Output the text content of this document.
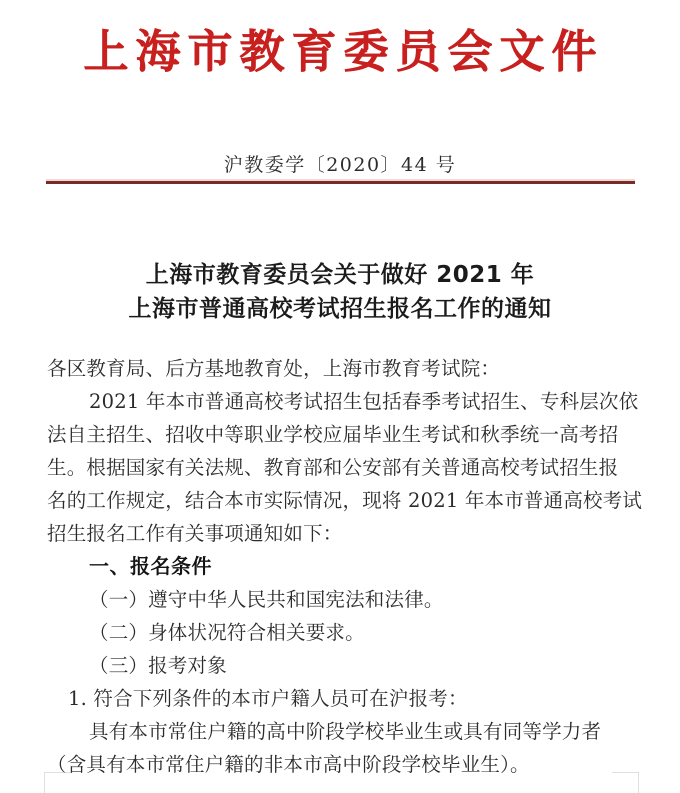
上海市教育委员会文件
沪教委学〔2020〕44 号
上海市教育委员会关于做好 2021 年
上海市普通高校考试招生报名工作的通知
各区教育局、后方基地教育处，上海市教育考试院：
2021 年本市普通高校考试招生包括春季考试招生、专科层次依
法自主招生、招收中等职业学校应届毕业生考试和秋季统一高考招
生。根据国家有关法规、教育部和公安部有关普通高校考试招生报
名的工作规定，结合本市实际情况，现将 2021 年本市普通高校考试
招生报名工作有关事项通知如下：
一、报名条件
（一）遵守中华人民共和国宪法和法律。
（二）身体状况符合相关要求。
（三）报考对象
1. 符合下列条件的本市户籍人员可在沪报考：
具有本市常住户籍的高中阶段学校毕业生或具有同等学力者
（含具有本市常住户籍的非本市高中阶段学校毕业生）。
